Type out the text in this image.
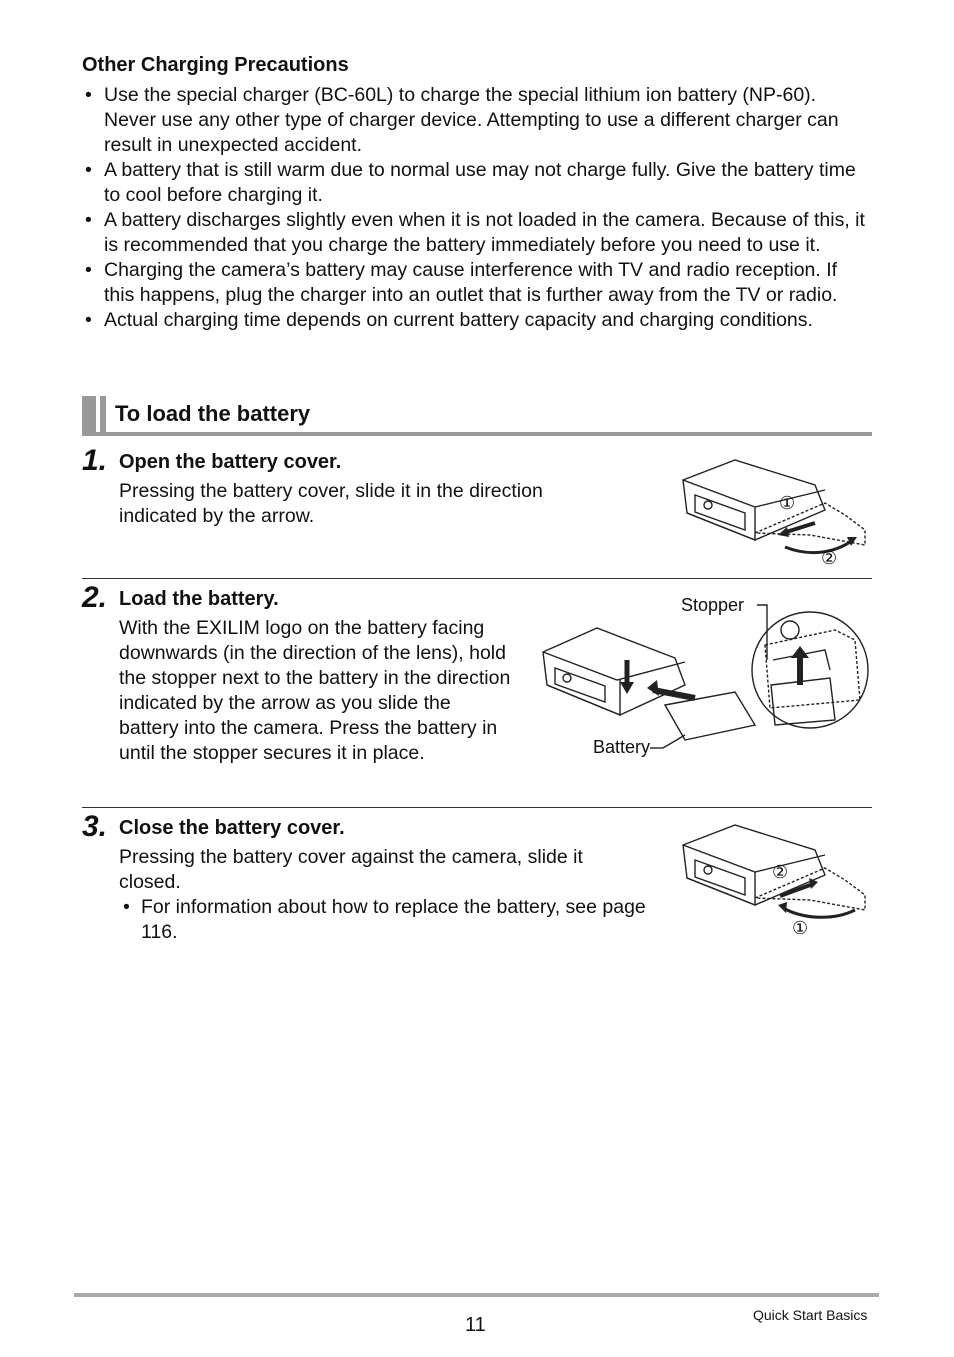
Other Charging Precautions
• Use the special charger (BC-60L) to charge the special lithium ion battery (NP-60). Never use any other type of charger device. Attempting to use a different charger can result in unexpected accident.
• A battery that is still warm due to normal use may not charge fully. Give the battery time to cool before charging it.
• A battery discharges slightly even when it is not loaded in the camera. Because of this, it is recommended that you charge the battery immediately before you need to use it.
• Charging the camera’s battery may cause interference with TV and radio reception. If this happens, plug the charger into an outlet that is further away from the TV or radio.
• Actual charging time depends on current battery capacity and charging conditions.
To load the battery
1. Open the battery cover.
Pressing the battery cover, slide it in the direction indicated by the arrow.
①
②
2. Load the battery.
With the EXILIM logo on the battery facing downwards (in the direction of the lens), hold the stopper next to the battery in the direction indicated by the arrow as you slide the battery into the camera. Press the battery in until the stopper secures it in place.
Stopper
Battery
3. Close the battery cover.
Pressing the battery cover against the camera, slide it closed.
• For information about how to replace the battery, see page 116.
②
①
11	Quick Start Basics
